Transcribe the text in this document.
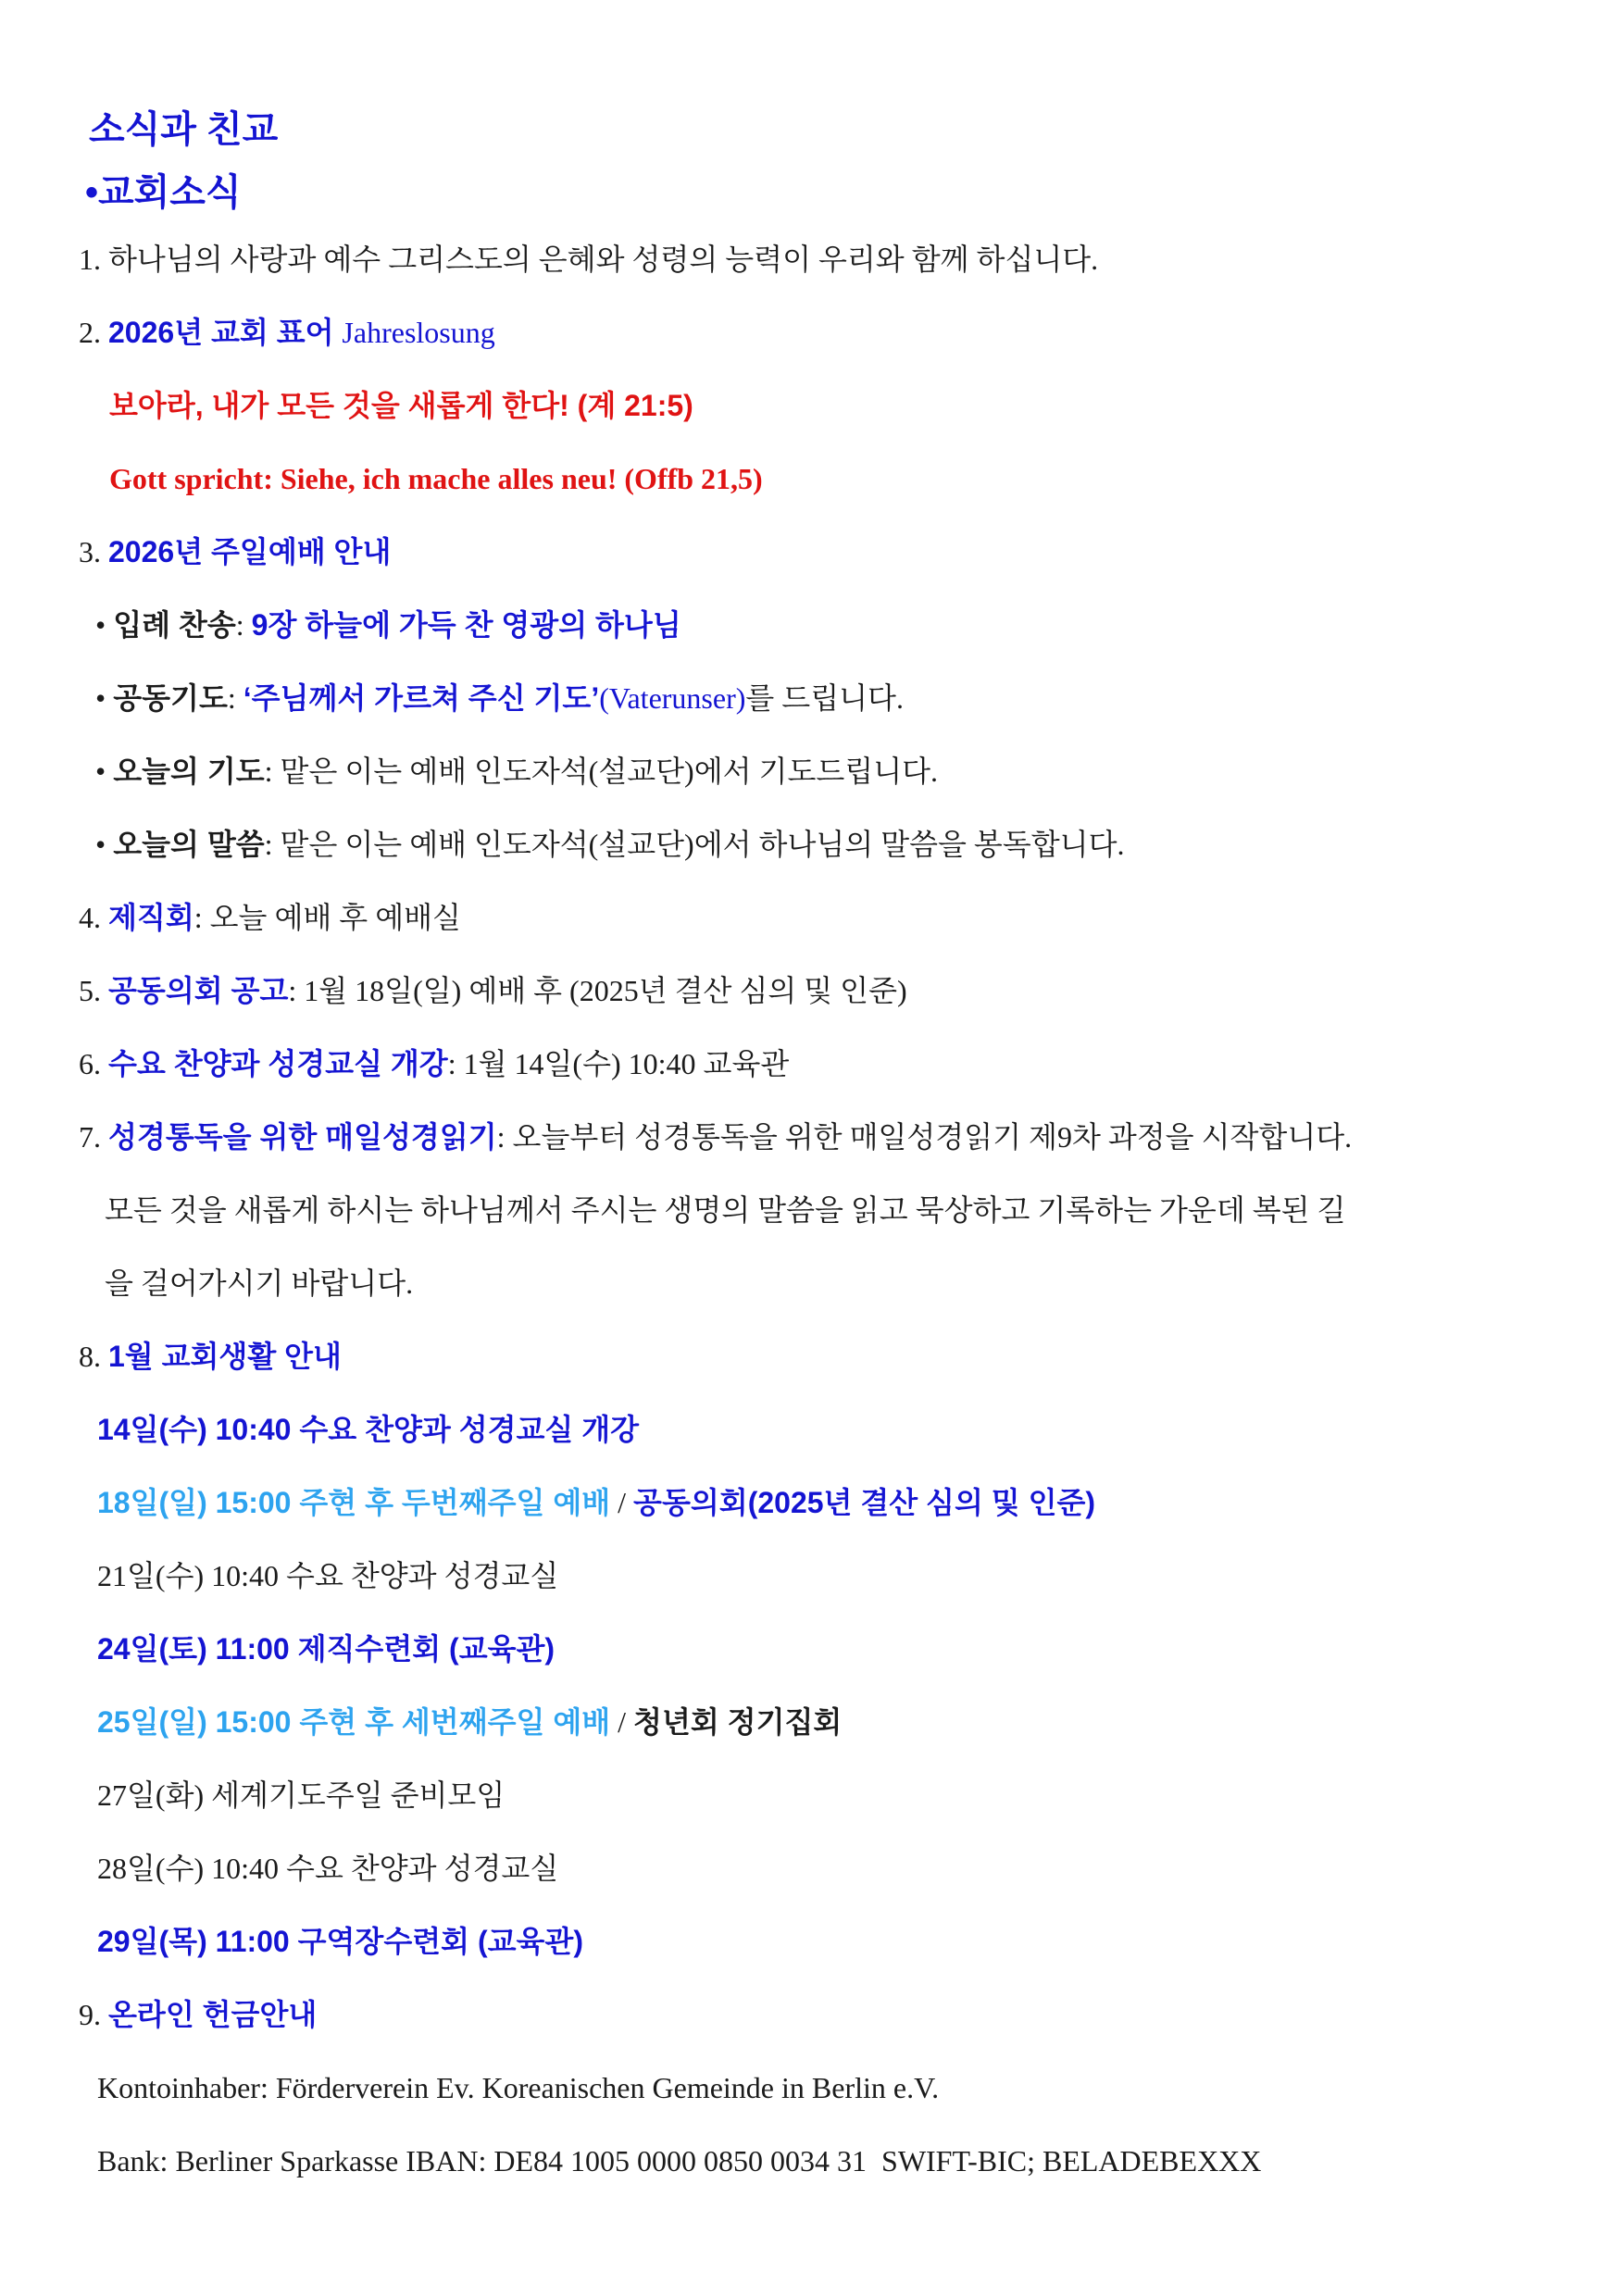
소식과 친교
•교회소식

1. 하나님의 사랑과 예수 그리스도의 은혜와 성령의 능력이 우리와 함께 하십니다.

2. 2026년 교회 표어 Jahreslosung

보아라, 내가 모든 것을 새롭게 한다! (계 21:5)

Gott spricht: Siehe, ich mache alles neu! (Offb 21,5)

3. 2026년 주일예배 안내

• 입례 찬송: 9장 하늘에 가득 찬 영광의 하나님

• 공동기도: ‘주님께서 가르쳐 주신 기도’(Vaterunser)를 드립니다.

• 오늘의 기도: 맡은 이는 예배 인도자석(설교단)에서 기도드립니다.

• 오늘의 말씀: 맡은 이는 예배 인도자석(설교단)에서 하나님의 말씀을 봉독합니다.

4. 제직회: 오늘 예배 후 예배실

5. 공동의회 공고: 1월 18일(일) 예배 후 (2025년 결산 심의 및 인준)

6. 수요 찬양과 성경교실 개강: 1월 14일(수) 10:40 교육관

7. 성경통독을 위한 매일성경읽기: 오늘부터 성경통독을 위한 매일성경읽기 제9차 과정을 시작합니다.

모든 것을 새롭게 하시는 하나님께서 주시는 생명의 말씀을 읽고 묵상하고 기록하는 가운데 복된 길

을 걸어가시기 바랍니다.

8. 1월 교회생활 안내

14일(수) 10:40 수요 찬양과 성경교실 개강

18일(일) 15:00 주현 후 두번째주일 예배 / 공동의회(2025년 결산 심의 및 인준)

21일(수) 10:40 수요 찬양과 성경교실

24일(토) 11:00 제직수련회 (교육관)

25일(일) 15:00 주현 후 세번째주일 예배 / 청년회 정기집회

27일(화) 세계기도주일 준비모임

28일(수) 10:40 수요 찬양과 성경교실

29일(목) 11:00 구역장수련회 (교육관)

9. 온라인 헌금안내

Kontoinhaber: Förderverein Ev. Koreanischen Gemeinde in Berlin e.V.

Bank: Berliner Sparkasse IBAN: DE84 1005 0000 0850 0034 31  SWIFT-BIC; BELADEBEXXX
